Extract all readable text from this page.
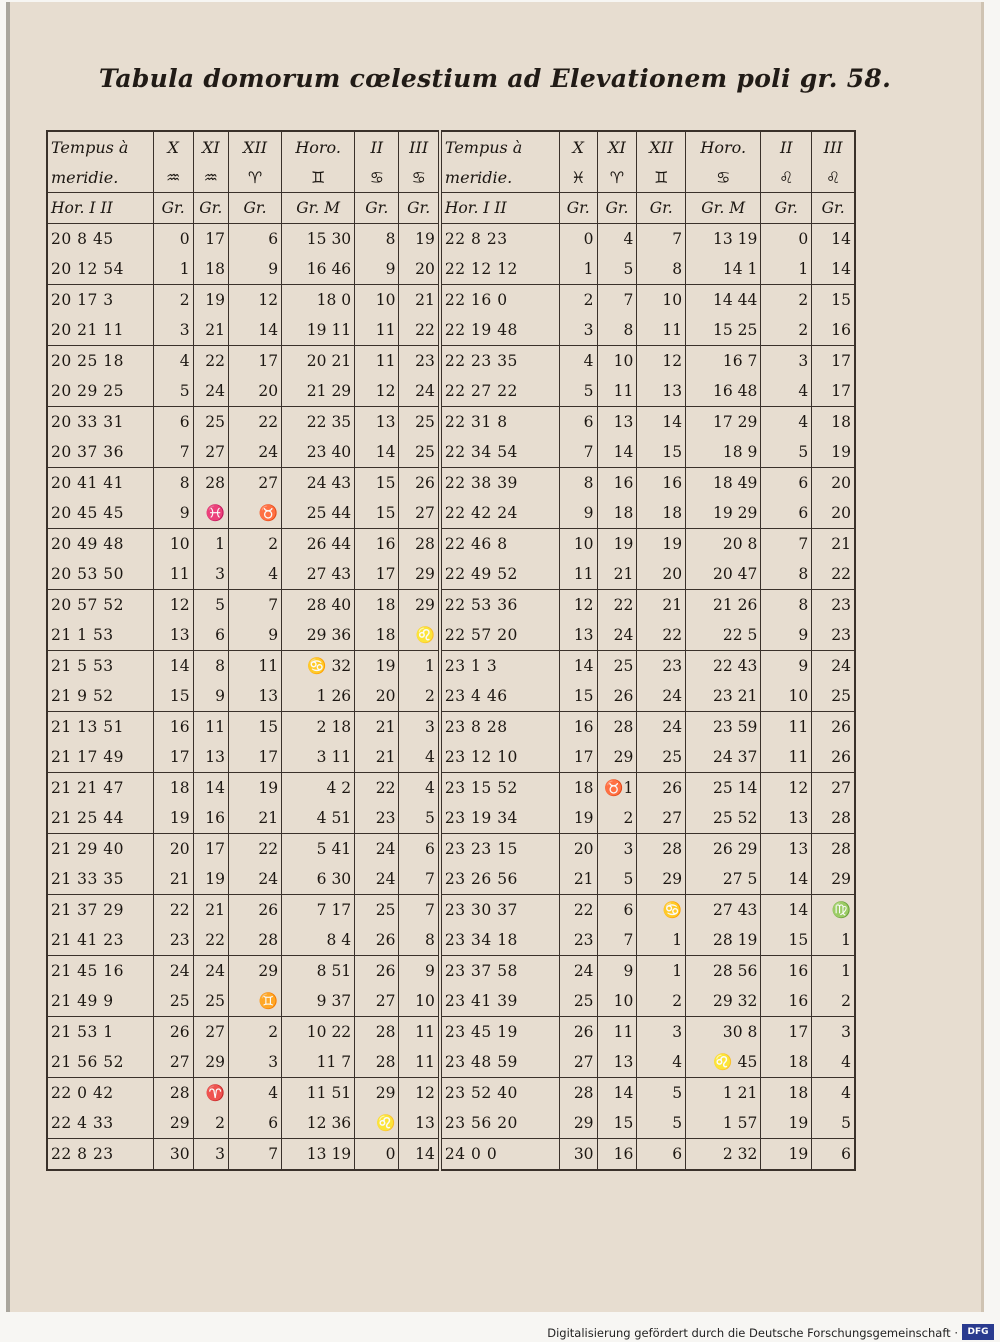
Tabula domorum cœlestium ad Elevationem poli gr. 58.
Tempus à	X	XI	XII	Horo.	II	III	Tempus à	X	XI	XII	Horo.	II	III
meridie.	♒	♒	♈	♊	♋	♋	meridie.	♓	♈	♊	♋	♌	♌
Hor. I II	Gr.	Gr.	Gr.	Gr. M	Gr.	Gr.	Hor. I II	Gr.	Gr.	Gr.	Gr. M	Gr.	Gr.
20 8 45	0	17	6	15 30	8	19	22 8 23	0	4	7	13 19	0	14
20 12 54	1	18	9	16 46	9	20	22 12 12	1	5	8	14 1	1	14
20 17 3	2	19	12	18 0	10	21	22 16 0	2	7	10	14 44	2	15
20 21 11	3	21	14	19 11	11	22	22 19 48	3	8	11	15 25	2	16
20 25 18	4	22	17	20 21	11	23	22 23 35	4	10	12	16 7	3	17
20 29 25	5	24	20	21 29	12	24	22 27 22	5	11	13	16 48	4	17
20 33 31	6	25	22	22 35	13	25	22 31 8	6	13	14	17 29	4	18
20 37 36	7	27	24	23 40	14	25	22 34 54	7	14	15	18 9	5	19
20 41 41	8	28	27	24 43	15	26	22 38 39	8	16	16	18 49	6	20
20 45 45	9	♓	♉	25 44	15	27	22 42 24	9	18	18	19 29	6	20
20 49 48	10	1	2	26 44	16	28	22 46 8	10	19	19	20 8	7	21
20 53 50	11	3	4	27 43	17	29	22 49 52	11	21	20	20 47	8	22
20 57 52	12	5	7	28 40	18	29	22 53 36	12	22	21	21 26	8	23
21 1 53	13	6	9	29 36	18	♌	22 57 20	13	24	22	22 5	9	23
21 5 53	14	8	11	♋ 32	19	1	23 1 3	14	25	23	22 43	9	24
21 9 52	15	9	13	1 26	20	2	23 4 46	15	26	24	23 21	10	25
21 13 51	16	11	15	2 18	21	3	23 8 28	16	28	24	23 59	11	26
21 17 49	17	13	17	3 11	21	4	23 12 10	17	29	25	24 37	11	26
21 21 47	18	14	19	4 2	22	4	23 15 52	18	♉1	26	25 14	12	27
21 25 44	19	16	21	4 51	23	5	23 19 34	19	2	27	25 52	13	28
21 29 40	20	17	22	5 41	24	6	23 23 15	20	3	28	26 29	13	28
21 33 35	21	19	24	6 30	24	7	23 26 56	21	5	29	27 5	14	29
21 37 29	22	21	26	7 17	25	7	23 30 37	22	6	♋	27 43	14	♍
21 41 23	23	22	28	8 4	26	8	23 34 18	23	7	1	28 19	15	1
21 45 16	24	24	29	8 51	26	9	23 37 58	24	9	1	28 56	16	1
21 49 9	25	25	♊	9 37	27	10	23 41 39	25	10	2	29 32	16	2
21 53 1	26	27	2	10 22	28	11	23 45 19	26	11	3	30 8	17	3
21 56 52	27	29	3	11 7	28	11	23 48 59	27	13	4	♌ 45	18	4
22 0 42	28	♈	4	11 51	29	12	23 52 40	28	14	5	1 21	18	4
22 4 33	29	2	6	12 36	♌	13	23 56 20	29	15	5	1 57	19	5
22 8 23	30	3	7	13 19	0	14	24 0 0	30	16	6	2 32	19	6
Digitalisierung gefördert durch die Deutsche Forschungsgemeinschaft ·	DFG
